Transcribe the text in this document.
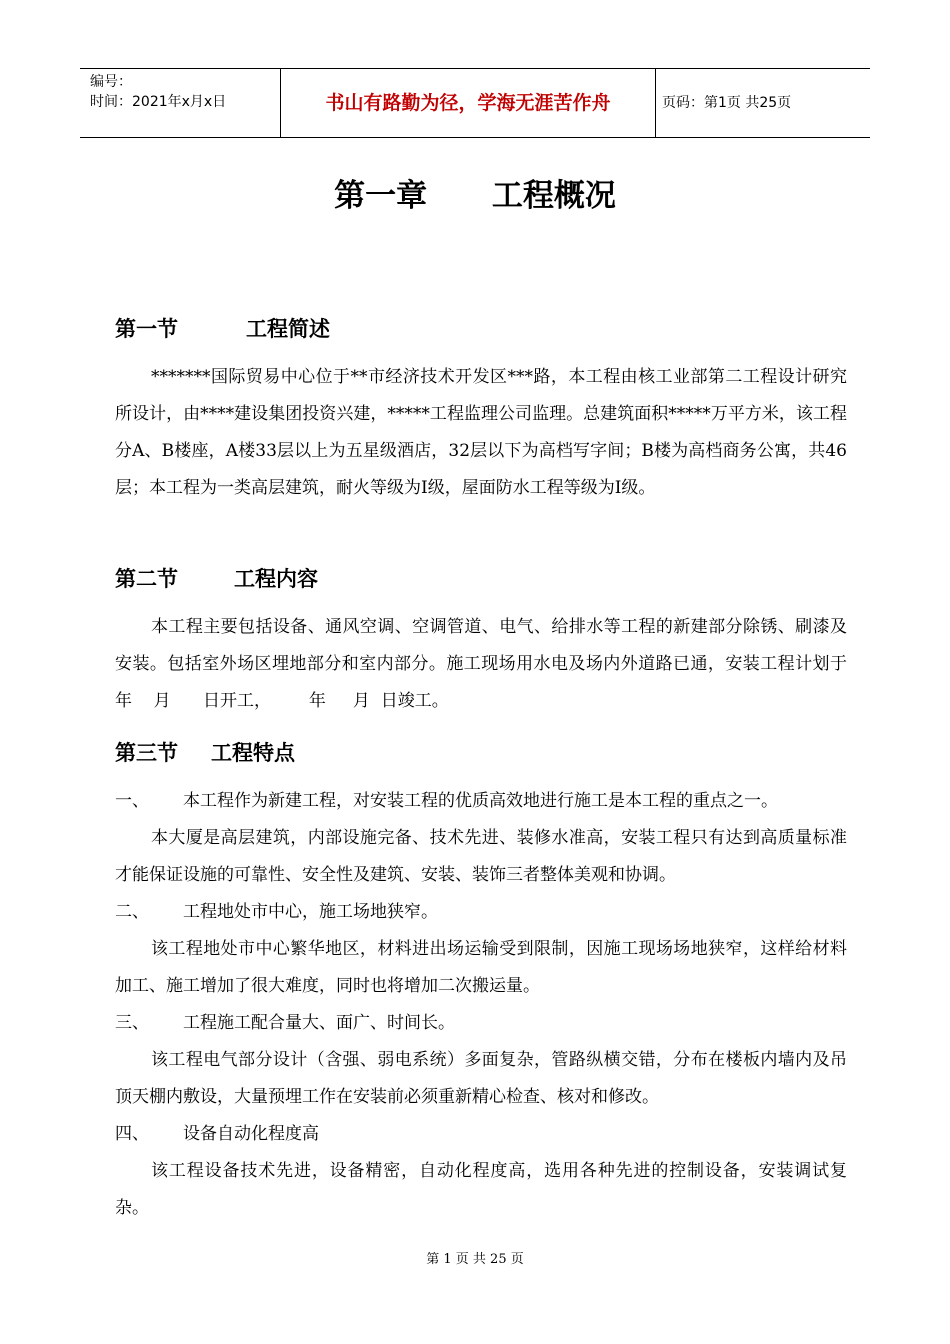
编号：
时间：2021年x月x日	书山有路勤为径，学海无涯苦作舟	页码：第1页 共25页
第一章      工程概况
第一节	工程简述
*******国际贸易中心位于**市经济技术开发区***路，本工程由核工业部第二工程设计研究所设计，由****建设集团投资兴建，*****工程监理公司监理。总建筑面积*****万平方米，该工程分A、B楼座，A楼33层以上为五星级酒店，32层以下为高档写字间；B楼为高档商务公寓，共46层；本工程为一类高层建筑，耐火等级为I级，屋面防水工程等级为I级。
第二节	工程内容
本工程主要包括设备、通风空调、空调管道、电气、给排水等工程的新建部分除锈、刷漆及安装。包括室外场区埋地部分和室内部分。施工现场用水电及场内外道路已通，安装工程计划于      年    月      日开工，       年     月  日竣工。
第三节 工程特点
一、 本工程作为新建工程，对安装工程的优质高效地进行施工是本工程的重点之一。
本大厦是高层建筑，内部设施完备、技术先进、装修水准高，安装工程只有达到高质量标准才能保证设施的可靠性、安全性及建筑、安装、装饰三者整体美观和协调。
二、 工程地处市中心，施工场地狭窄。
该工程地处市中心繁华地区，材料进出场运输受到限制，因施工现场场地狭窄，这样给材料加工、施工增加了很大难度，同时也将增加二次搬运量。
三、 工程施工配合量大、面广、时间长。
该工程电气部分设计（含强、弱电系统）多面复杂，管路纵横交错，分布在楼板内墙内及吊顶天棚内敷设，大量预埋工作在安装前必须重新精心检查、核对和修改。
四、 设备自动化程度高
该工程设备技术先进，设备精密，自动化程度高，选用各种先进的控制设备，安装调试复杂。
第 1 页 共 25 页
